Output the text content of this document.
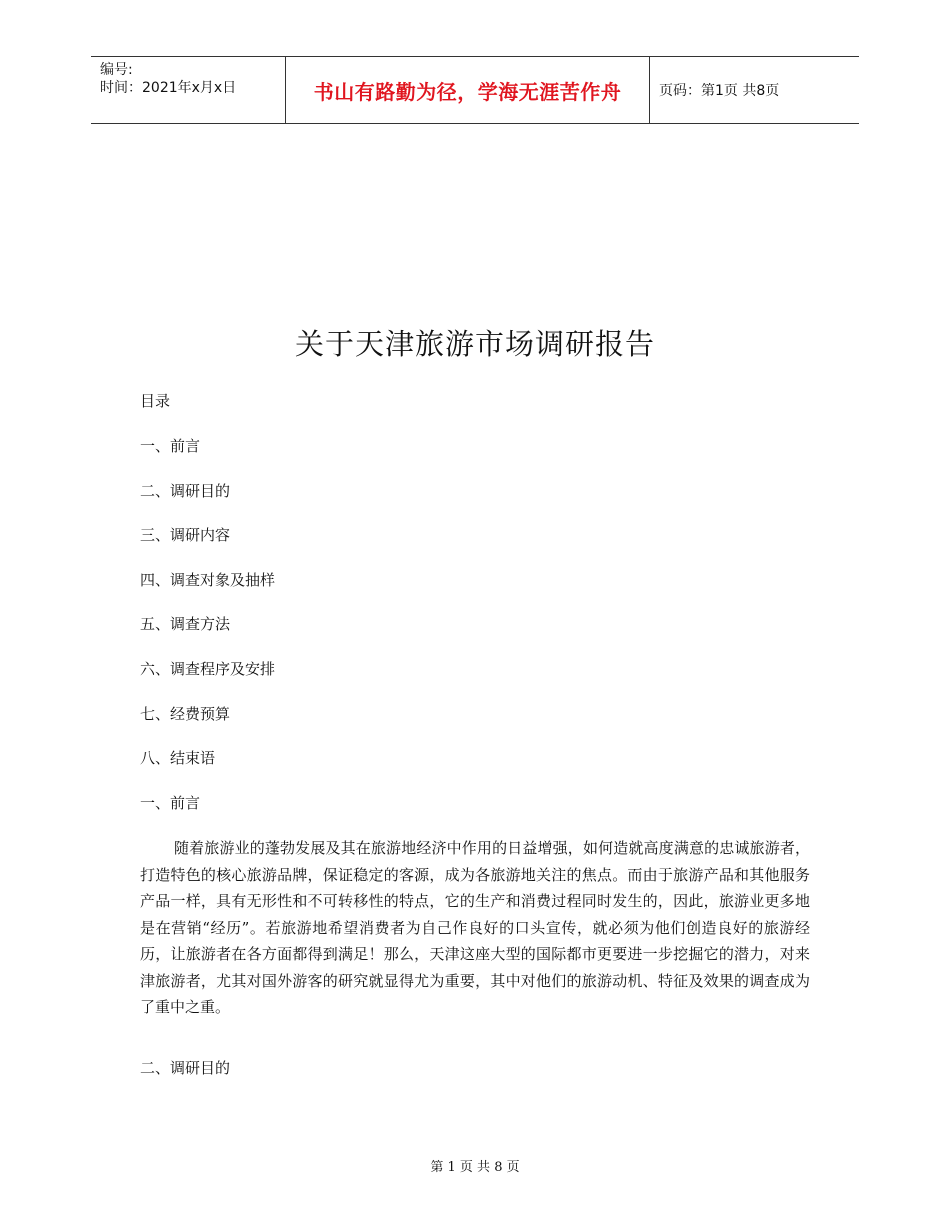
编号:
时间：2021年x月x日	书山有路勤为径，学海无涯苦作舟	页码：第1页 共8页
关于天津旅游市场调研报告
目录
一、前言
二、调研目的
三、调研内容
四、调查对象及抽样
五、调查方法
六、调查程序及安排
七、经费预算
八、结束语
一、前言

随着旅游业的蓬勃发展及其在旅游地经济中作用的日益增强，如何造就高度满意的忠诚旅游者，打造特色的核心旅游品牌，保证稳定的客源，成为各旅游地关注的焦点。而由于旅游产品和其他服务产品一样，具有无形性和不可转移性的特点，它的生产和消费过程同时发生的，因此，旅游业更多地是在营销“经历”。若旅游地希望消费者为自己作良好的口头宣传，就必须为他们创造良好的旅游经历，让旅游者在各方面都得到满足！那么，天津这座大型的国际都市更要进一步挖掘它的潜力，对来津旅游者，尤其对国外游客的研究就显得尤为重要，其中对他们的旅游动机、特征及效果的调查成为了重中之重。

二、调研目的
第 1 页 共 8 页
